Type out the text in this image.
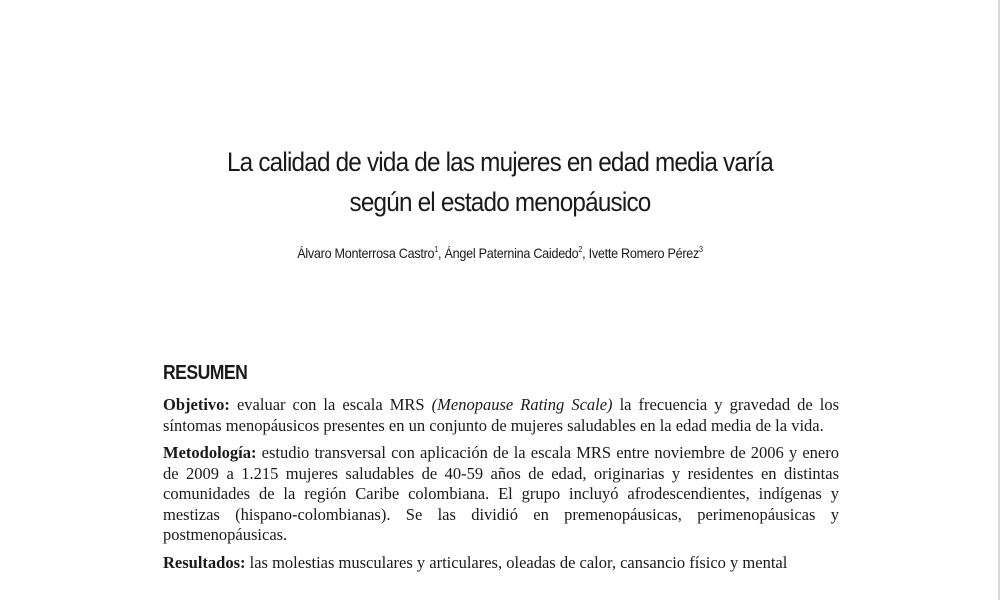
La calidad de vida de las mujeres en edad media varía
según el estado menopáusico
Álvaro Monterrosa Castro$^1$, Ángel Paternina Caidedo$^2$, Ivette Romero Pérez$^3$
RESUMEN

Objetivo: evaluar con la escala MRS (Menopause Rating Scale) la frecuencia y gravedad de los síntomas menopáusicos presentes en un conjunto de mujeres saludables en la edad media de la vida.

Metodología: estudio transversal con aplicación de la escala MRS entre noviembre de 2006 y enero de 2009 a 1.215 mujeres saludables de 40-59 años de edad, originarias y residentes en distintas comunidades de la región Caribe colombiana. El grupo incluyó afrodescendientes, indígenas y mestizas (hispano-colombianas). Se las dividió en premenopáusicas, perimenopáusicas y postmenopáusicas.

Resultados: las molestias musculares y articulares, oleadas de calor, cansancio físico y mental
